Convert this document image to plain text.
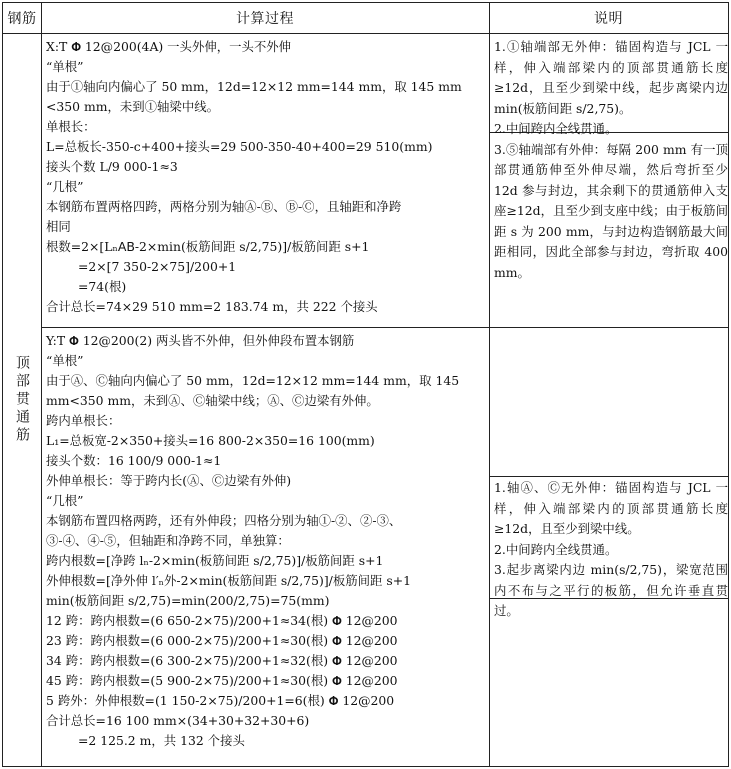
钢筋	计算过程	说明
顶部贯通筋
X:T 𝚽 12@200(4A) 一头外伸，一头不外伸
“单根”
由于①轴向内偏心了 50 mm，12d=12×12 mm=144 mm，取 145 mm
<350 mm，未到①轴梁中线。
单根长：
L=总板长-350-c+400+接头=29 500-350-40+400=29 510(mm)
接头个数 L/9 000-1≈3
“几根”
本钢筋布置两格四跨，两格分别为轴Ⓐ-Ⓑ、Ⓑ-Ⓒ，且轴距和净跨
相同
根数=2×[Lₙ𝖠𝖡-2×min(板筋间距 s/2,75)]/板筋间距 s+1
=2×[7 350-2×75]/200+1
=74(根)
合计总长=74×29 510 mm=2 183.74 m，共 222 个接头

1.①轴端部无外伸：锚固构造与 JCL 一样，伸入端部梁内的顶部贯通筋长度≥12d，且至少到梁中线，起步离梁内边 min(板筋间距 s/2,75)。

2.中间跨内全线贯通。

3.⑤轴端部有外伸：每隔 200 mm 有一顶部贯通筋伸至外伸尽端，然后弯折至少 12d 参与封边，其余剩下的贯通筋伸入支座≥12d，且至少到支座中线；由于板筋间距 s 为 200 mm，与封边构造钢筋最大间距相同，因此全部参与封边，弯折取 400 mm。

Y:T 𝚽 12@200(2) 两头皆不外伸，但外伸段布置本钢筋
“单根”
由于Ⓐ、Ⓒ轴向内偏心了 50 mm，12d=12×12 mm=144 mm，取 145
mm<350 mm，未到Ⓐ、Ⓒ轴梁中线；Ⓐ、Ⓒ边梁有外伸。
跨内单根长：
L₁=总板宽-2×350+接头=16 800-2×350=16 100(mm)
接头个数：16 100/9 000-1≈1
外伸单根长：等于跨内长(Ⓐ、Ⓒ边梁有外伸)
“几根”
本钢筋布置四格两跨，还有外伸段；四格分别为轴①-②、②-③、
③-④、④-⑤，但轴距和净跨不同，单独算：
跨内根数=[净跨 lₙ-2×min(板筋间距 s/2,75)]/板筋间距 s+1
外伸根数=[净外伸 l′ₙ外-2×min(板筋间距 s/2,75)]/板筋间距 s+1
min(板筋间距 s/2,75)=min(200/2,75)=75(mm)
12 跨：跨内根数=(6 650-2×75)/200+1≈34(根) 𝚽 12@200
23 跨：跨内根数=(6 000-2×75)/200+1≈30(根) 𝚽 12@200
34 跨：跨内根数=(6 300-2×75)/200+1≈32(根) 𝚽 12@200
45 跨：跨内根数=(5 900-2×75)/200+1≈30(根) 𝚽 12@200
5 跨外：外伸根数=(1 150-2×75)/200+1=6(根) 𝚽 12@200
合计总长=16 100 mm×(34+30+32+30+6)
=2 125.2 m，共 132 个接头

1.轴Ⓐ、Ⓒ无外伸：锚固构造与 JCL 一样，伸入端部梁内的顶部贯通筋长度≥12d，且至少到梁中线。

2.中间跨内全线贯通。

3.起步离梁内边 min(s/2,75)，梁宽范围内不布与之平行的板筋，但允许垂直贯过。
